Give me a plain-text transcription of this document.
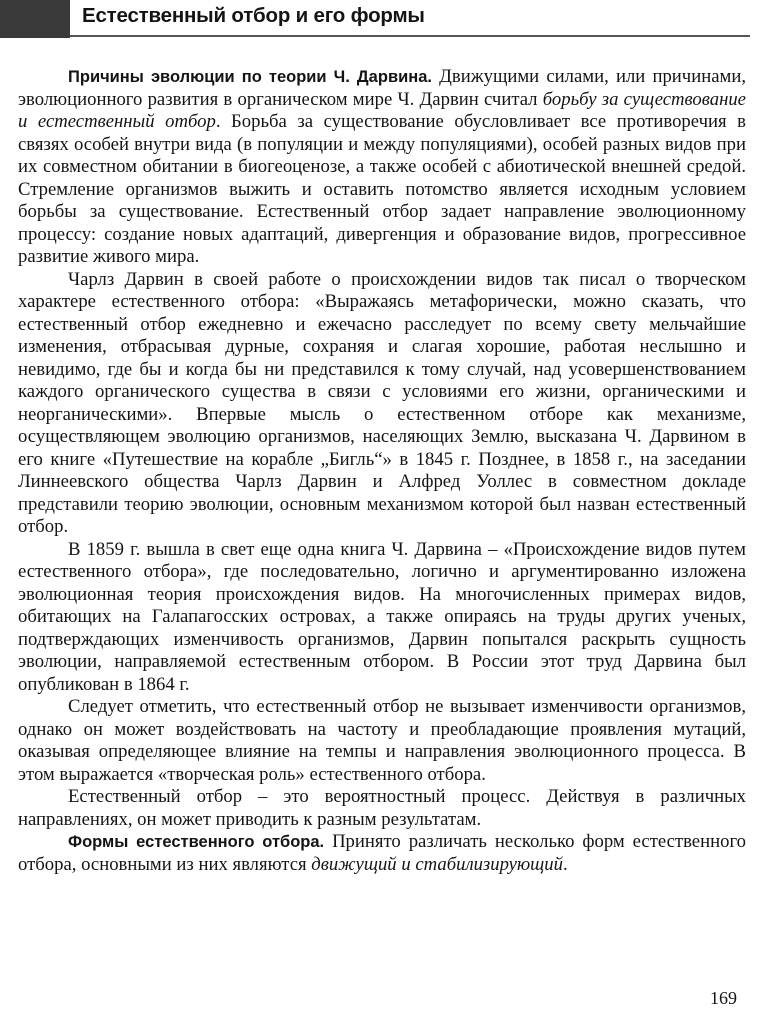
Естественный отбор и его формы

Причины эволюции по теории Ч. Дарвина. Движущими силами, или причинами, эволюционного развития в органическом мире Ч. Дарвин считал борьбу за существование и естественный отбор. Борьба за существование обусловливает все противоречия в связях особей внутри вида (в популяции и между популяциями), особей разных видов при их совместном обитании в биогеоценозе, а также особей с абиотической внешней средой. Стремление организмов выжить и оставить потомство является исходным условием борьбы за существование. Естественный отбор задает направление эволюционному процессу: создание новых адаптаций, дивергенция и образование видов, прогрессивное развитие живого мира.

Чарлз Дарвин в своей работе о происхождении видов так писал о творческом характере естественного отбора: «Выражаясь метафорически, можно сказать, что естественный отбор ежедневно и ежечасно расследует по всему свету мельчайшие изменения, отбрасывая дурные, сохраняя и слагая хорошие, работая неслышно и невидимо, где бы и когда бы ни представился к тому случай, над усовершенствованием каждого органического существа в связи с условиями его жизни, органическими и неорганическими». Впервые мысль о естественном отборе как механизме, осуществляющем эволюцию организмов, населяющих Землю, высказана Ч. Дарвином в его книге «Путешествие на корабле „Бигль“» в 1845 г. Позднее, в 1858 г., на заседании Линнеевского общества Чарлз Дарвин и Алфред Уоллес в совместном докладе представили теорию эволюции, основным механизмом которой был назван естественный отбор.

В 1859 г. вышла в свет еще одна книга Ч. Дарвина – «Происхождение видов путем естественного отбора», где последовательно, логично и аргументированно изложена эволюционная теория происхождения видов. На многочисленных примерах видов, обитающих на Галапагосских островах, а также опираясь на труды других ученых, подтверждающих изменчивость организмов, Дарвин попытался раскрыть сущность эволюции, направляемой естественным отбором. В России этот труд Дарвина был опубликован в 1864 г.

Следует отметить, что естественный отбор не вызывает изменчивости организмов, однако он может воздействовать на частоту и преобладающие проявления мутаций, оказывая определяющее влияние на темпы и направления эволюционного процесса. В этом выражается «творческая роль» естественного отбора.

Естественный отбор – это вероятностный процесс. Действуя в различных направлениях, он может приводить к разным результатам.

Формы естественного отбора. Принято различать несколько форм естественного отбора, основными из них являются движущий и стабилизирующий.

169
